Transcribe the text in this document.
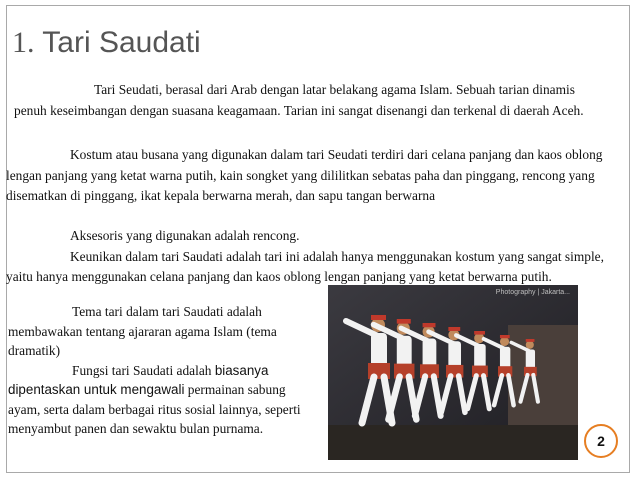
1. Tari Saudati

Tari Seudati, berasal dari Arab dengan latar belakang agama Islam. Sebuah tarian dinamis penuh keseimbangan dengan suasana keagamaan. Tarian ini sangat disenangi dan terkenal di daerah Aceh.

Kostum atau busana yang digunakan dalam tari Seudati terdiri dari celana panjang dan kaos oblong lengan panjang yang ketat warna putih, kain songket yang dililitkan sebatas paha dan pinggang, rencong yang disematkan di pinggang, ikat kepala berwarna merah, dan sapu tangan berwarna

Aksesoris yang digunakan adalah rencong.
Keunikan dalam tari Saudati adalah tari ini adalah hanya menggunakan kostum yang sangat simple, yaitu hanya menggunakan celana panjang dan kaos oblong lengan panjang yang ketat berwarna putih.

Tema tari dalam tari Saudati adalah membawakan tentang ajararan agama Islam (tema dramatik)
Fungsi tari Saudati adalah biasanya dipentaskan untuk mengawali permainan sabung ayam, serta dalam berbagai ritus sosial lainnya, seperti menyambut panen dan sewaktu bulan purnama.

Photography | Jakarta...
2
